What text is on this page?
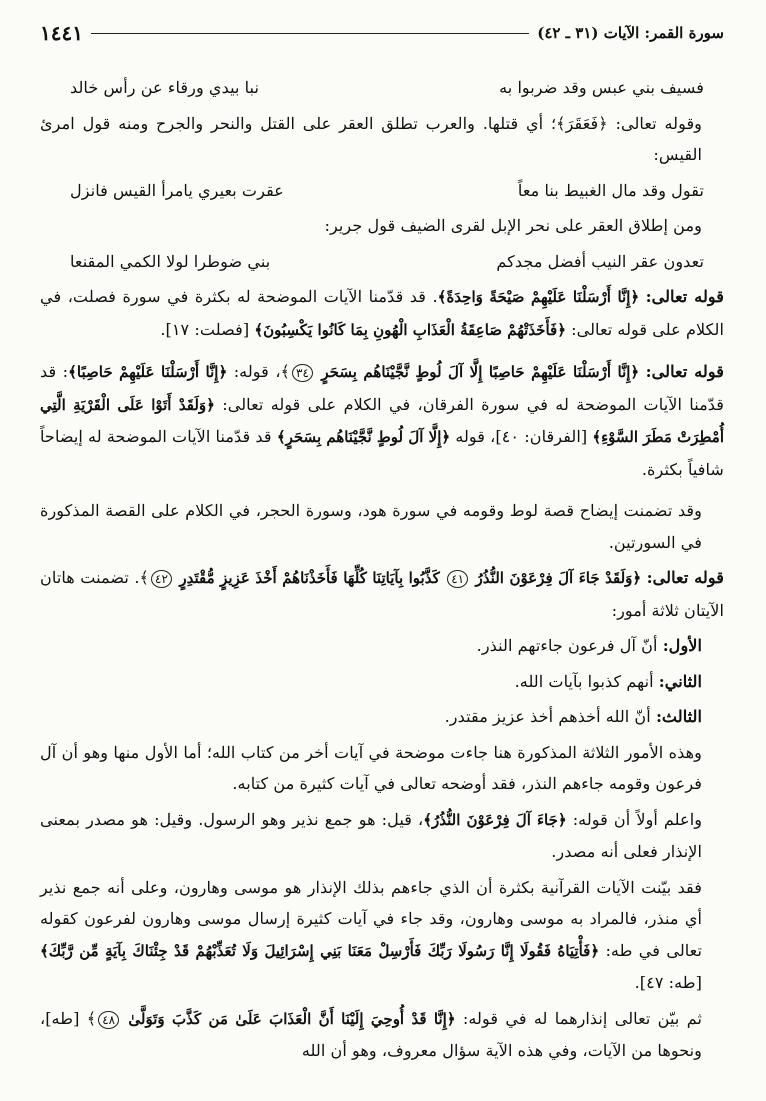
١٤٤١	سورة القمر: الآيات (٣١ ـ ٤٢)
فسيف بني عبس وقد ضربوا به
نبا بيدي ورقاء عن رأس خالد

وقوله تعالى: ﴿فَعَقَرَ﴾؛ أي قتلها. والعرب تطلق العقر على القتل والنحر والجرح ومنه قول امرئ القيس:

تقول وقد مال الغبيط بنا معاً
عقرت بعيري يامرأ القيس فانزل

ومن إطلاق العقر على نحر الإبل لقرى الضيف قول جرير:

تعدون عقر النيب أفضل مجدكم
بني ضوطرا لولا الكمي المقنعا

قوله تعالى: ﴿إِنَّا أَرْسَلْنَا عَلَيْهِمْ صَيْحَةً وَاحِدَةً﴾. قد قدّمنا الآيات الموضحة له بكثرة في سورة فصلت، في الكلام على قوله تعالى: ﴿فَأَخَذَتْهُمْ صَاعِقَةُ الْعَذَابِ الْهُونِ بِمَا كَانُوا يَكْسِبُونَ﴾ [فصلت: ١٧].

قوله تعالى: ﴿إِنَّا أَرْسَلْنَا عَلَيْهِمْ حَاصِبًا إِلَّا آلَ لُوطٍ نَّجَّيْنَاهُم بِسَحَرٍ ٣٤﴾، قوله: ﴿إِنَّا أَرْسَلْنَا عَلَيْهِمْ حَاصِبًا﴾: قد قدّمنا الآيات الموضحة له في سورة الفرقان، في الكلام على قوله تعالى: ﴿وَلَقَدْ أَتَوْا عَلَى الْقَرْيَةِ الَّتِي أُمْطِرَتْ مَطَرَ السَّوْءِ﴾ [الفرقان: ٤٠]، قوله ﴿إِلَّا آلَ لُوطٍ نَّجَّيْنَاهُم بِسَحَرٍ﴾ قد قدّمنا الآيات الموضحة له إيضاحاً شافياً بكثرة.

وقد تضمنت إيضاح قصة لوط وقومه في سورة هود، وسورة الحجر، في الكلام على القصة المذكورة في السورتين.

قوله تعالى: ﴿وَلَقَدْ جَاءَ آلَ فِرْعَوْنَ النُّذُرُ ٤١ كَذَّبُوا بِآيَاتِنَا كُلِّهَا فَأَخَذْنَاهُمْ أَخْذَ عَزِيزٍ مُّقْتَدِرٍ ٤٢﴾. تضمنت هاتان الآيتان ثلاثة أمور:

الأول: أنّ آل فرعون جاءتهم النذر.

الثاني: أنهم كذبوا بآيات الله.

الثالث: أنّ الله أخذهم أخذ عزيز مقتدر.

وهذه الأمور الثلاثة المذكورة هنا جاءت موضحة في آيات أخر من كتاب الله؛ أما الأول منها وهو أن آل فرعون وقومه جاءهم النذر، فقد أوضحه تعالى في آيات كثيرة من كتابه.

واعلم أولاً أن قوله: ﴿جَاءَ آلَ فِرْعَوْنَ النُّذُرُ﴾، قيل: هو جمع نذير وهو الرسول. وقيل: هو مصدر بمعنى الإنذار فعلى أنه مصدر.

فقد بيّنت الآيات القرآنية بكثرة أن الذي جاءهم بذلك الإنذار هو موسى وهارون، وعلى أنه جمع نذير أي منذر، فالمراد به موسى وهارون، وقد جاء في آيات كثيرة إرسال موسى وهارون لفرعون كقوله تعالى في طه: ﴿فَأْتِيَاهُ فَقُولَا إِنَّا رَسُولَا رَبِّكَ فَأَرْسِلْ مَعَنَا بَنِي إِسْرَائِيلَ وَلَا تُعَذِّبْهُمْ قَدْ جِئْنَاكَ بِآيَةٍ مِّن رَّبِّكَ﴾ [طه: ٤٧].

ثم بيّن تعالى إنذارهما له في قوله: ﴿إِنَّا قَدْ أُوحِيَ إِلَيْنَا أَنَّ الْعَذَابَ عَلَىٰ مَن كَذَّبَ وَتَوَلَّىٰ ٤٨﴾ [طه]، ونحوها من الآيات، وفي هذه الآية سؤال معروف، وهو أن الله
